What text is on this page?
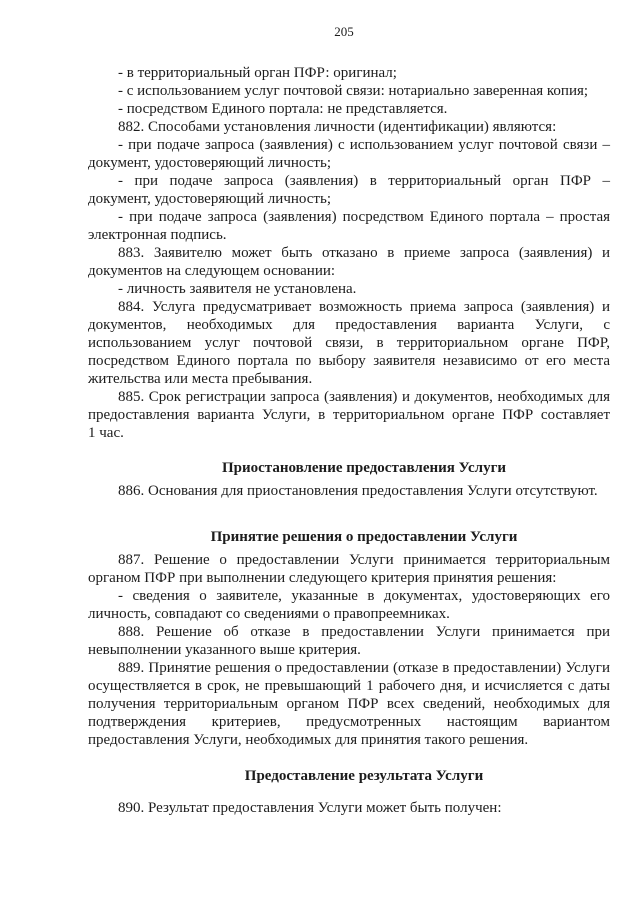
205
- в территориальный орган ПФР: оригинал;
- с использованием услуг почтовой связи: нотариально заверенная копия;
- посредством Единого портала: не представляется.
882. Способами установления личности (идентификации) являются:
- при подаче запроса (заявления) с использованием услуг почтовой связи –
документ, удостоверяющий личность;
- при подаче запроса (заявления) в территориальный орган ПФР –
документ, удостоверяющий личность;
- при подаче запроса (заявления) посредством Единого портала – простая
электронная подпись.
883. Заявителю может быть отказано в приеме запроса (заявления) и
документов на следующем основании:
- личность заявителя не установлена.
884. Услуга предусматривает возможность приема запроса (заявления) и
документов, необходимых для предоставления варианта Услуги, с
использованием услуг почтовой связи, в территориальном органе ПФР,
посредством Единого портала по выбору заявителя независимо от его места
жительства или места пребывания.
885. Срок регистрации запроса (заявления) и документов, необходимых для
предоставления варианта Услуги, в территориальном органе ПФР составляет
1 час.
Приостановление предоставления Услуги
886. Основания для приостановления предоставления Услуги отсутствуют.
Принятие решения о предоставлении Услуги
887. Решение о предоставлении Услуги принимается территориальным
органом ПФР при выполнении следующего критерия принятия решения:
- сведения о заявителе, указанные в документах, удостоверяющих его
личность, совпадают со сведениями о правопреемниках.
888. Решение об отказе в предоставлении Услуги принимается при
невыполнении указанного выше критерия.
889. Принятие решения о предоставлении (отказе в предоставлении) Услуги
осуществляется в срок, не превышающий 1 рабочего дня, и исчисляется с даты
получения территориальным органом ПФР всех сведений, необходимых для
подтверждения критериев, предусмотренных настоящим вариантом
предоставления Услуги, необходимых для принятия такого решения.
Предоставление результата Услуги
890. Результат предоставления Услуги может быть получен:
